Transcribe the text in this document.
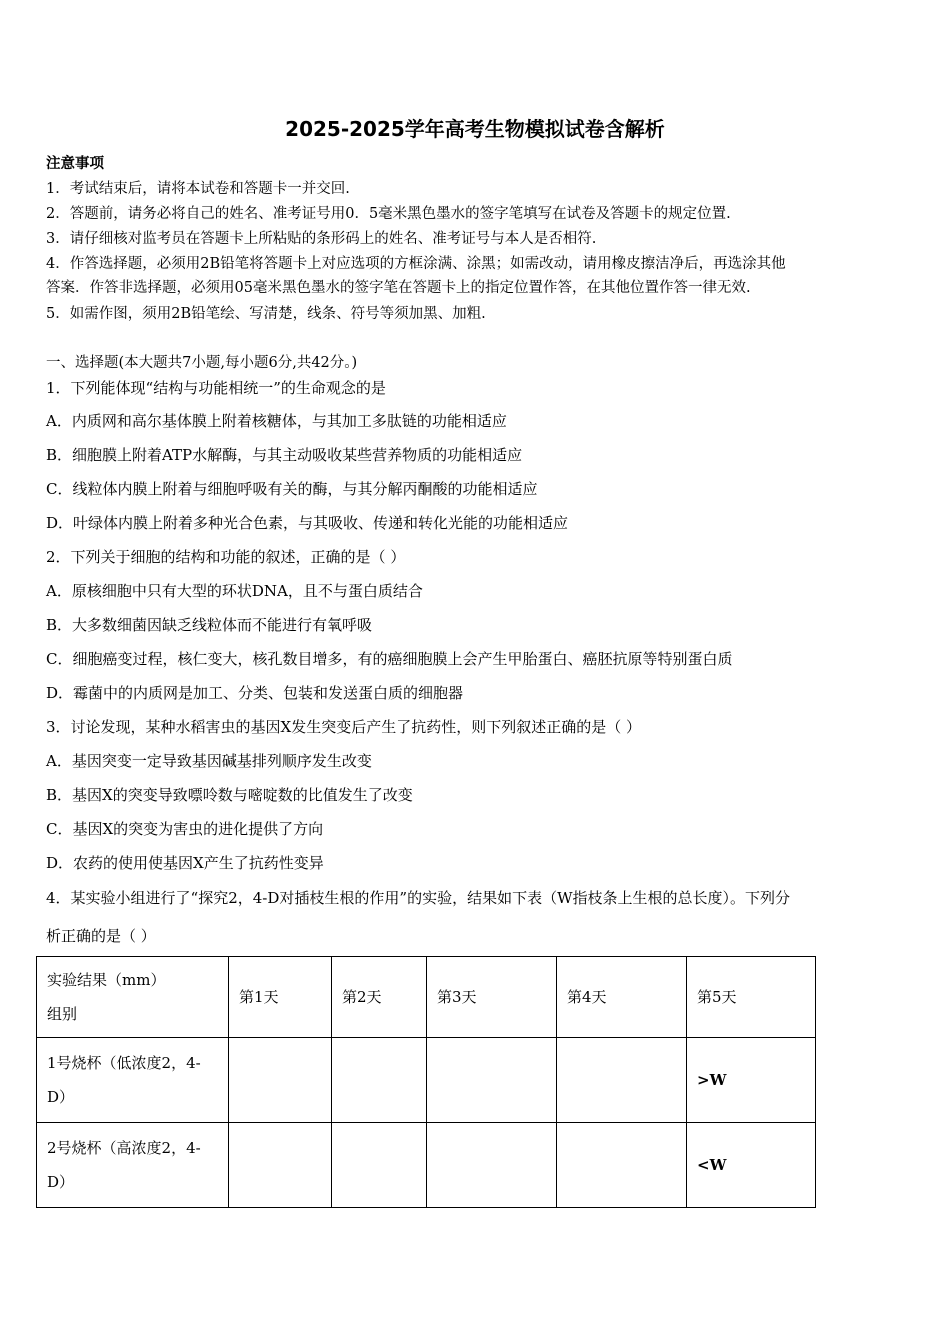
2025-2025学年高考生物模拟试卷含解析
注意事项
1．考试结束后，请将本试卷和答题卡一并交回.
2．答题前，请务必将自己的姓名、准考证号用0．5毫米黑色墨水的签字笔填写在试卷及答题卡的规定位置.
3．请仔细核对监考员在答题卡上所粘贴的条形码上的姓名、准考证号与本人是否相符.
4．作答选择题，必须用2B铅笔将答题卡上对应选项的方框涂满、涂黑；如需改动，请用橡皮擦洁净后，再选涂其他
答案．作答非选择题，必须用05毫米黑色墨水的签字笔在答题卡上的指定位置作答，在其他位置作答一律无效.
5．如需作图，须用2B铅笔绘、写清楚，线条、符号等须加黑、加粗.
一、选择题(本大题共7小题,每小题6分,共42分。)
1．下列能体现“结构与功能相统一”的生命观念的是
A．内质网和高尔基体膜上附着核糖体，与其加工多肽链的功能相适应
B．细胞膜上附着ATP水解酶，与其主动吸收某些营养物质的功能相适应
C．线粒体内膜上附着与细胞呼吸有关的酶，与其分解丙酮酸的功能相适应
D．叶绿体内膜上附着多种光合色素，与其吸收、传递和转化光能的功能相适应
2．下列关于细胞的结构和功能的叙述，正确的是（ ）
A．原核细胞中只有大型的环状DNA，且不与蛋白质结合
B．大多数细菌因缺乏线粒体而不能进行有氧呼吸
C．细胞癌变过程，核仁变大，核孔数目增多，有的癌细胞膜上会产生甲胎蛋白、癌胚抗原等特别蛋白质
D．霉菌中的内质网是加工、分类、包装和发送蛋白质的细胞器
3．讨论发现，某种水稻害虫的基因X发生突变后产生了抗药性，则下列叙述正确的是（ ）
A．基因突变一定导致基因碱基排列顺序发生改变
B．基因X的突变导致嘌呤数与嘧啶数的比值发生了改变
C．基因X的突变为害虫的进化提供了方向
D．农药的使用使基因X产生了抗药性变异
4．某实验小组进行了“探究2，4-D对插枝生根的作用”的实验，结果如下表（W指枝条上生根的总长度）。下列分
析正确的是（ ）
实验结果（mm）
组别	第1天	第2天	第3天	第4天	第5天

1号烧杯（低浓度2，4-
D）					>W

2号烧杯（高浓度2，4-
D）					<W
